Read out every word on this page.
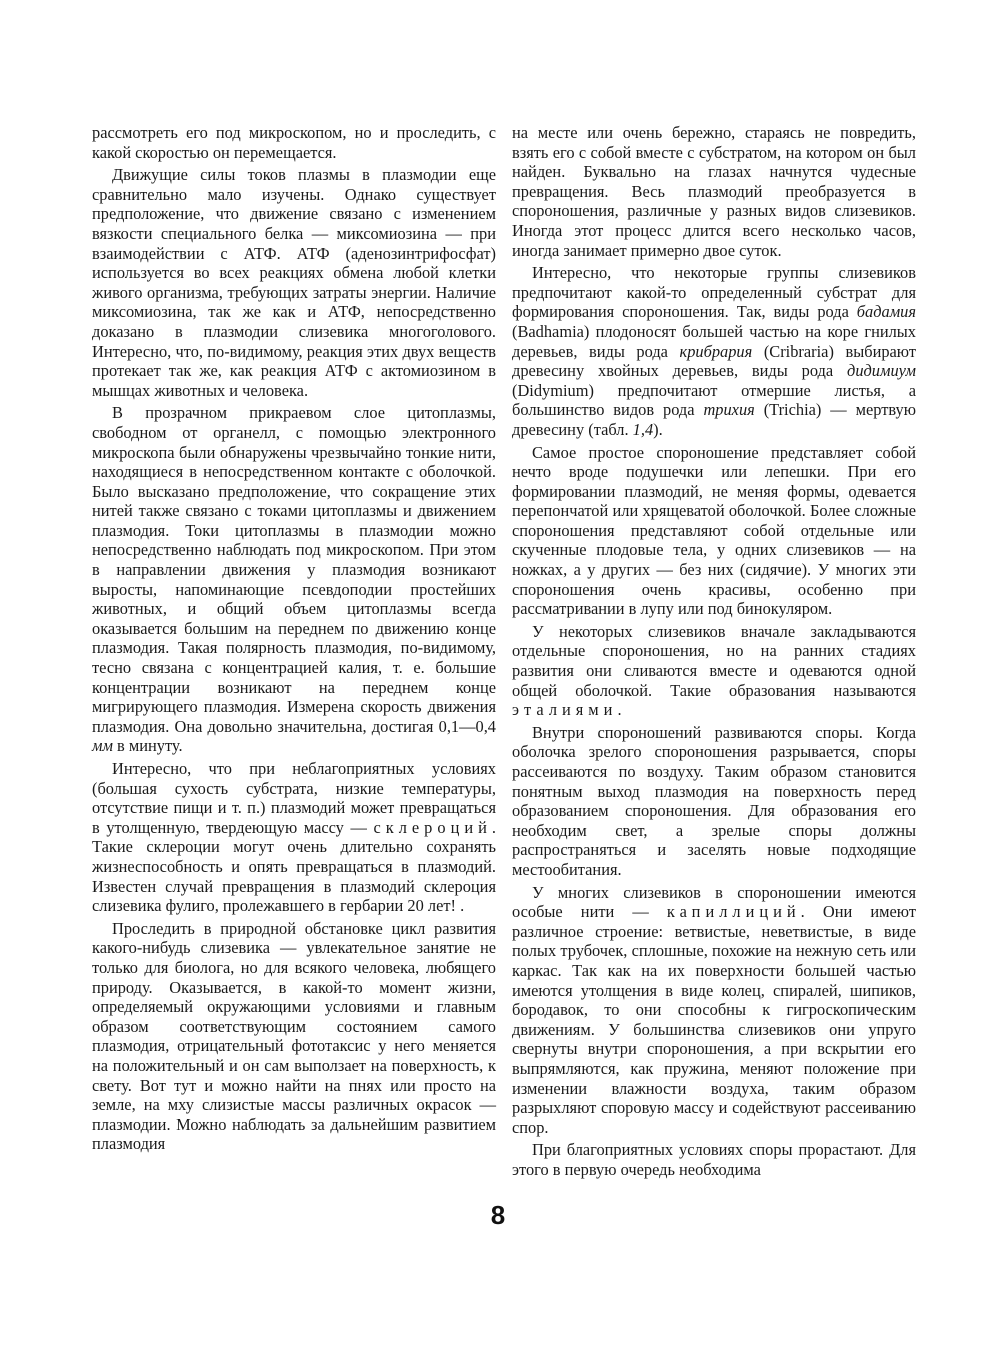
рассмотреть его под микроскопом, но и проследить, с какой скоростью он перемещается.

Движущие силы токов плазмы в плазмодии еще сравнительно мало изучены. Однако существует предположение, что движение связано с изменением вязкости специального белка — миксомиозина — при взаимодействии с АТФ. АТФ (аденозинтрифосфат) используется во всех реакциях обмена любой клетки живого организма, требующих затраты энергии. Наличие миксомиозина, так же как и АТФ, непосредственно доказано в плазмодии слизевика многоголового. Интересно, что, по-видимому, реакция этих двух веществ протекает так же, как реакция АТФ с актомиозином в мышцах животных и человека.

В прозрачном прикраевом слое цитоплазмы, свободном от органелл, с помощью электронного микроскопа были обнаружены чрезвычайно тонкие нити, находящиеся в непосредственном контакте с оболочкой. Было высказано предположение, что сокращение этих нитей также связано с токами цитоплазмы и движением плазмодия. Токи цитоплазмы в плазмодии можно непосредственно наблюдать под микроскопом. При этом в направлении движения у плазмодия возникают выросты, напоминающие псевдоподии простейших животных, и общий объем цитоплазмы всегда оказывается большим на переднем по движению конце плазмодия. Такая полярность плазмодия, по-видимому, тесно связана с концентрацией калия, т. е. большие концентрации возникают на переднем конце мигрирующего плазмодия. Измерена скорость движения плазмодия. Она довольно значительна, достигая 0,1—0,4 мм в минуту.

Интересно, что при неблагоприятных условиях (большая сухость субстрата, низкие температуры, отсутствие пищи и т. п.) плазмодий может превращаться в утолщенную, твердеющую массу — склероций. Такие склероции могут очень длительно сохранять жизнеспособность и опять превращаться в плазмодий. Известен случай превращения в плазмодий склероция слизевика фулиго, пролежавшего в гербарии 20 лет! .

Проследить в природной обстановке цикл развития какого-нибудь слизевика — увлекательное занятие не только для биолога, но для всякого человека, любящего природу. Оказывается, в какой-то момент жизни, определяемый окружающими условиями и главным образом соответствующим состоянием самого плазмодия, отрицательный фототаксис у него меняется на положительный и он сам выползает на поверхность, к свету. Вот тут и можно найти на пнях или просто на земле, на мху слизистые массы различных окрасок — плазмодии. Можно наблюдать за дальнейшим развитием плазмодия

на месте или очень бережно, стараясь не повредить, взять его с собой вместе с субстратом, на котором он был найден. Буквально на глазах начнутся чудесные превращения. Весь плазмодий преобразуется в спороношения, различные у разных видов слизевиков. Иногда этот процесс длится всего несколько часов, иногда занимает примерно двое суток.

Интересно, что некоторые группы слизевиков предпочитают какой-то определенный субстрат для формирования спороношения. Так, виды рода бадамия (Badhamia) плодоносят большей частью на коре гнилых деревьев, виды рода крибрария (Cribraria) выбирают древесину хвойных деревьев, виды рода дидимиум (Didymium) предпочитают отмершие листья, а большинство видов рода трихия (Trichia) — мертвую древесину (табл. 1,4).

Самое простое спороношение представляет собой нечто вроде подушечки или лепешки. При его формировании плазмодий, не меняя формы, одевается перепончатой или хрящеватой оболочкой. Более сложные спороношения представляют собой отдельные или скученные плодовые тела, у одних слизевиков — на ножках, а у других — без них (сидячие). У многих эти спороношения очень красивы, особенно при рассматривании в лупу или под бинокуляром.

У некоторых слизевиков вначале закладываются отдельные спороношения, но на ранних стадиях развития они сливаются вместе и одеваются одной общей оболочкой. Такие образования называются эталиями.

Внутри спороношений развиваются споры. Когда оболочка зрелого спороношения разрывается, споры рассеиваются по воздуху. Таким образом становится понятным выход плазмодия на поверхность перед образованием спороношения. Для образования его необходим свет, а зрелые споры должны распространяться и заселять новые подходящие местообитания.

У многих слизевиков в спороношении имеются особые нити — капиллиций. Они имеют различное строение: ветвистые, неветвистые, в виде полых трубочек, сплошные, похожие на нежную сеть или каркас. Так как на их поверхности большей частью имеются утолщения в виде колец, спиралей, шипиков, бородавок, то они способны к гигроскопическим движениям. У большинства слизевиков они упруго свернуты внутри спороношения, а при вскрытии его выпрямляются, как пружина, меняют положение при изменении влажности воздуха, таким образом разрыхляют споровую массу и содействуют рассеиванию спор.

При благоприятных условиях споры прорастают. Для этого в первую очередь необходима

8
